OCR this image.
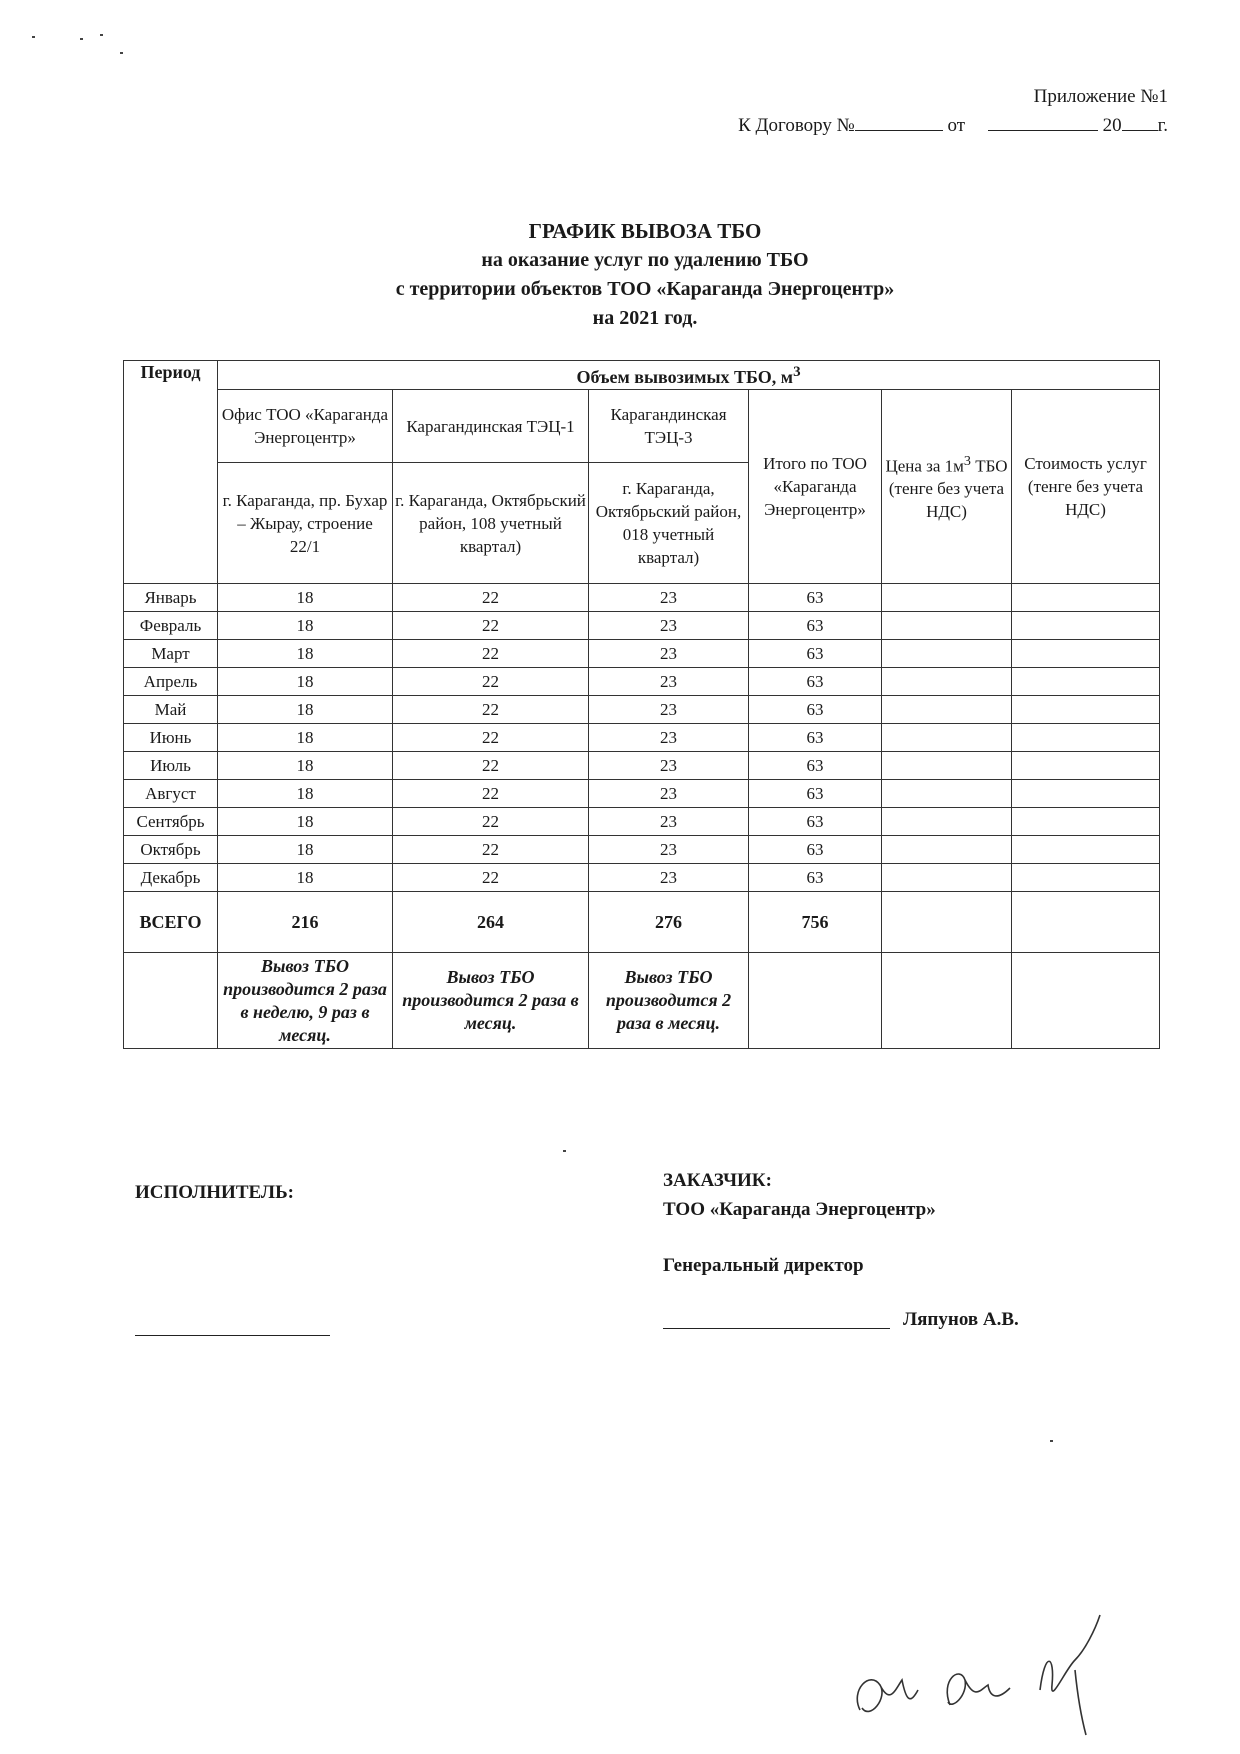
Приложение №1
К Договору №	от	20 г.
ГРАФИК ВЫВОЗА ТБО
на оказание услуг по удалению ТБО
с территории объектов ТОО «Караганда Энергоцентр»
на 2021 год.
Период	Объем вывозимых ТБО, $м^3$
	Офис ТОО «Караганда Энергоцентр»	Карагандинская ТЭЦ-1	Карагандинская ТЭЦ-3	Итого по ТОО «Караганда Энергоцентр»	Цена за $1м^3$ ТБО (тенге без учета НДС)	Стоимость услуг (тенге без учета НДС)
	г. Караганда, пр. Бухар – Жырау, строение 22/1	г. Караганда, Октябрьский район, 108 учетный квартал)	г. Караганда, Октябрьский район, 018 учетный квартал)			
Январь	18	22	23	63		
Февраль	18	22	23	63		
Март	18	22	23	63		
Апрель	18	22	23	63		
Май	18	22	23	63		
Июнь	18	22	23	63		
Июль	18	22	23	63		
Август	18	22	23	63		
Сентябрь	18	22	23	63		
Октябрь	18	22	23	63		
Декабрь	18	22	23	63		
ВСЕГО	216	264	276	756		
	Вывоз ТБО производится 2 раза в неделю, 9 раз в месяц.	Вывоз ТБО производится 2 раза в месяц.	Вывоз ТБО производится 2 раза в месяц.			
ИСПОЛНИТЕЛЬ:
ЗАКАЗЧИК:
ТОО «Караганда Энергоцентр»
Генеральный директор
Ляпунов А.В.
